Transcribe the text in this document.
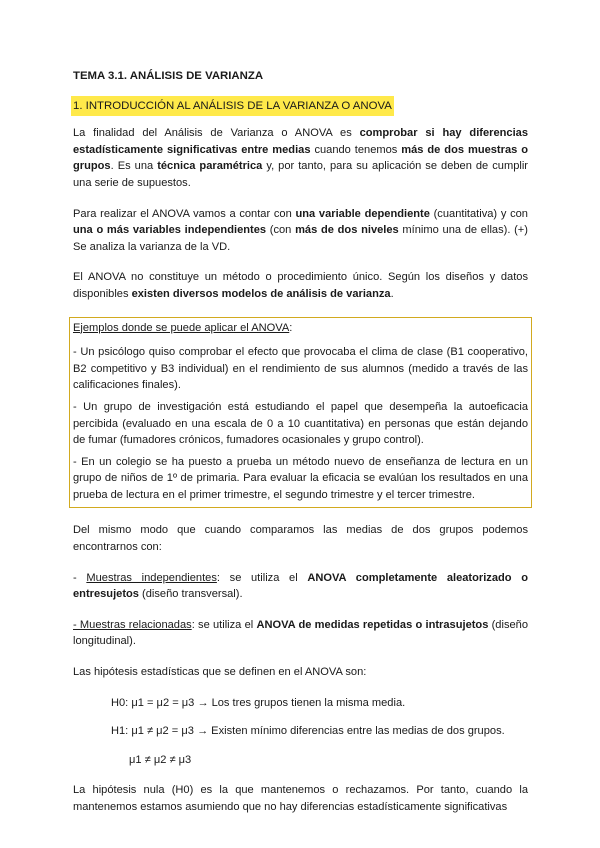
TEMA 3.1. ANÁLISIS DE VARIANZA
1. INTRODUCCIÓN AL ANÁLISIS DE LA VARIANZA O ANOVA

La finalidad del Análisis de Varianza o ANOVA es comprobar si hay diferencias estadísticamente significativas entre medias cuando tenemos más de dos muestras o grupos. Es una técnica paramétrica y, por tanto, para su aplicación se deben de cumplir una serie de supuestos.

Para realizar el ANOVA vamos a contar con una variable dependiente (cuantitativa) y con una o más variables independientes (con más de dos niveles mínimo una de ellas). (+) Se analiza la varianza de la VD.

El ANOVA no constituye un método o procedimiento único. Según los diseños y datos disponibles existen diversos modelos de análisis de varianza.

Ejemplos donde se puede aplicar el ANOVA:

- Un psicólogo quiso comprobar el efecto que provocaba el clima de clase (B1 cooperativo, B2 competitivo y B3 individual) en el rendimiento de sus alumnos (medido a través de las calificaciones finales).

- Un grupo de investigación está estudiando el papel que desempeña la autoeficacia percibida (evaluado en una escala de 0 a 10 cuantitativa) en personas que están dejando de fumar (fumadores crónicos, fumadores ocasionales y grupo control).

- En un colegio se ha puesto a prueba un método nuevo de enseñanza de lectura en un grupo de niños de 1º de primaria. Para evaluar la eficacia se evalúan los resultados en una prueba de lectura en el primer trimestre, el segundo trimestre y el tercer trimestre.

Del mismo modo que cuando comparamos las medias de dos grupos podemos encontrarnos con:

- Muestras independientes: se utiliza el ANOVA completamente aleatorizado o entresujetos (diseño transversal).

- Muestras relacionadas: se utiliza el ANOVA de medidas repetidas o intrasujetos (diseño longitudinal).

Las hipótesis estadísticas que se definen en el ANOVA son:

H0: μ1 = μ2 = μ3 → Los tres grupos tienen la misma media.

H1: μ1 ≠ μ2 = μ3 → Existen mínimo diferencias entre las medias de dos grupos.

μ1 ≠ μ2 ≠ μ3

La hipótesis nula (H0) es la que mantenemos o rechazamos. Por tanto, cuando la mantenemos estamos asumiendo que no hay diferencias estadísticamente significativas
